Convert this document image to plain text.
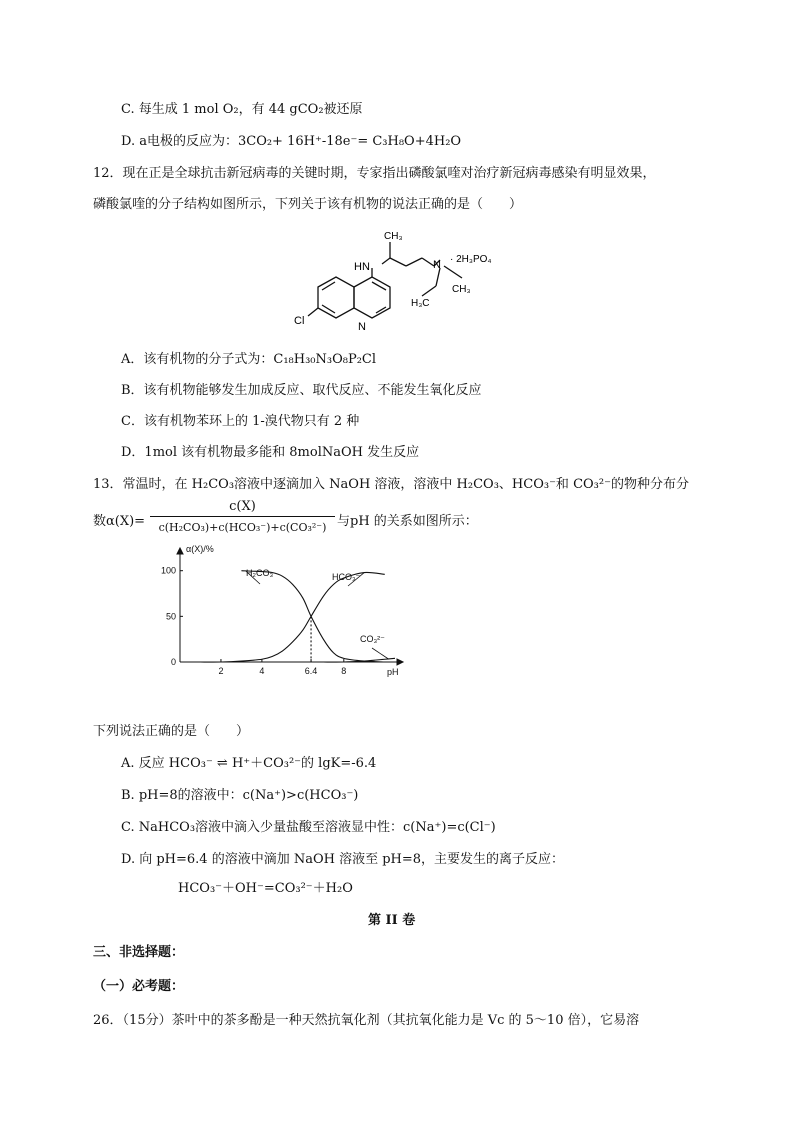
C. 每生成 1 mol O₂，有 44 gCO₂被还原
D. a电极的反应为：3CO₂+ 16H⁺-18e⁻= C₃H₈O+4H₂O
12．现在正是全球抗击新冠病毒的关键时期，专家指出磷酸氯喹对治疗新冠病毒感染有明显效果，
磷酸氯喹的分子结构如图所示，下列关于该有机物的说法正确的是（　　）
CH₃
HN	N · 2H₃PO₄
H₃C
CH₃
Cl	N
A．该有机物的分子式为：C₁₈H₃₀N₃O₈P₂Cl
B．该有机物能够发生加成反应、取代反应、不能发生氧化反应
C．该有机物苯环上的 1-溴代物只有 2 种
D．1mol 该有机物最多能和 8molNaOH 发生反应
13．常温时，在 H₂CO₃溶液中逐滴加入 NaOH 溶液，溶液中 H₂CO₃、HCO₃⁻和 CO₃²⁻的物种分布分
数α(X)=
c(X)
c(H₂CO₃)+c(HCO₃⁻)+c(CO₃²⁻) 与pH 的关系如图所示：
2	4	6.4	8
0
50
100
α(X)/%
pH
H₂CO₃	HCO₃⁻
CO₃²⁻
下列说法正确的是（　　）
A. 反应 HCO₃⁻ ⇌ H⁺＋CO₃²⁻的 lgK=-6.4
B. pH=8的溶液中：c(Na⁺)>c(HCO₃⁻)
C. NaHCO₃溶液中滴入少量盐酸至溶液显中性：c(Na⁺)=c(Cl⁻)
D. 向 pH=6.4 的溶液中滴加 NaOH 溶液至 pH=8，主要发生的离子反应：
HCO₃⁻＋OH⁻=CO₃²⁻＋H₂O
第 II 卷
三、非选择题：
（一）必考题：
26．（15分）茶叶中的茶多酚是一种天然抗氧化剂（其抗氧化能力是 Vc 的 5～10 倍），它易溶
